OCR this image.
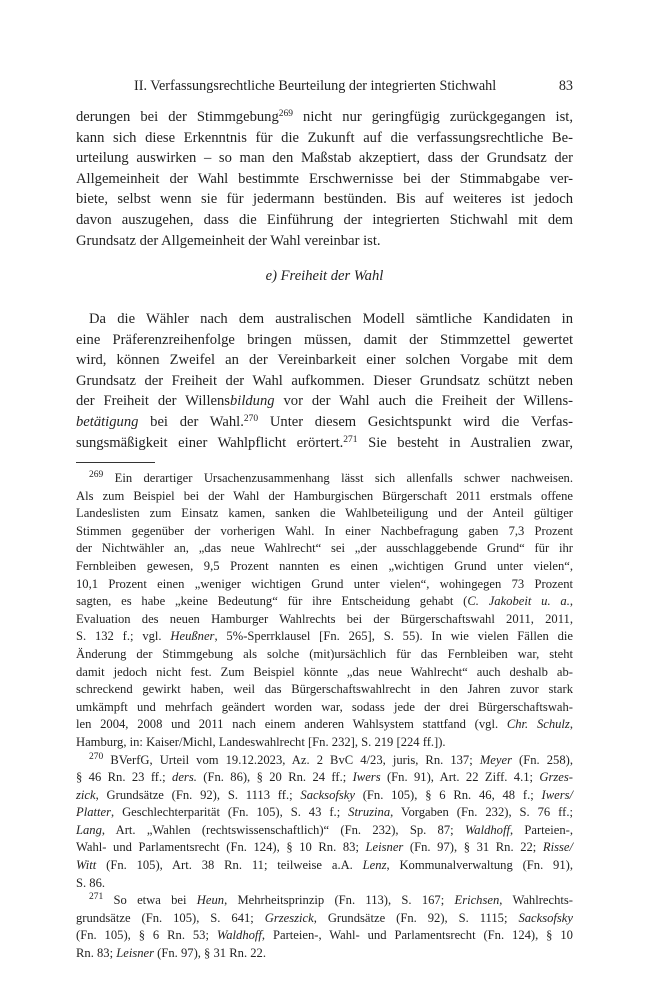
II. Verfassungsrechtliche Beurteilung der integrierten Stichwahl	83
derungen bei der Stimmgebung$^{269}$ nicht nur geringfügig zurückgegangen ist,
kann sich diese Erkenntnis für die Zukunft auf die verfassungsrechtliche Be-
urteilung auswirken – so man den Maßstab akzeptiert, dass der Grundsatz der
Allgemeinheit der Wahl bestimmte Erschwernisse bei der Stimmabgabe ver-
biete, selbst wenn sie für jedermann bestünden. Bis auf weiteres ist jedoch
davon auszugehen, dass die Einführung der integrierten Stichwahl mit dem
Grundsatz der Allgemeinheit der Wahl vereinbar ist.
e) Freiheit der Wahl
Da die Wähler nach dem australischen Modell sämtliche Kandidaten in
eine Präferenzreihenfolge bringen müssen, damit der Stimmzettel gewertet
wird, können Zweifel an der Vereinbarkeit einer solchen Vorgabe mit dem
Grundsatz der Freiheit der Wahl aufkommen. Dieser Grundsatz schützt neben
der Freiheit der Willensbildung vor der Wahl auch die Freiheit der Willens-
betätigung bei der Wahl.$^{270}$ Unter diesem Gesichtspunkt wird die Verfas-
sungsmäßigkeit einer Wahlpflicht erörtert.$^{271}$ Sie besteht in Australien zwar,
$^{269}$ Ein derartiger Ursachenzusammenhang lässt sich allenfalls schwer nachweisen.
Als zum Beispiel bei der Wahl der Hamburgischen Bürgerschaft 2011 erstmals offene
Landeslisten zum Einsatz kamen, sanken die Wahlbeteiligung und der Anteil gültiger
Stimmen gegenüber der vorherigen Wahl. In einer Nachbefragung gaben 7,3 Prozent
der Nichtwähler an, „das neue Wahlrecht“ sei „der ausschlaggebende Grund“ für ihr
Fernbleiben gewesen, 9,5 Prozent nannten es einen „wichtigen Grund unter vielen“,
10,1 Prozent einen „weniger wichtigen Grund unter vielen“, wohingegen 73 Prozent
sagten, es habe „keine Bedeutung“ für ihre Entscheidung gehabt (C. Jakobeit u. a.,
Evaluation des neuen Hamburger Wahlrechts bei der Bürgerschaftswahl 2011, 2011,
S. 132 f.; vgl. Heußner, 5%-Sperrklausel [Fn. 265], S. 55). In wie vielen Fällen die
Änderung der Stimmgebung als solche (mit)ursächlich für das Fernbleiben war, steht
damit jedoch nicht fest. Zum Beispiel könnte „das neue Wahlrecht“ auch deshalb ab-
schreckend gewirkt haben, weil das Bürgerschaftswahlrecht in den Jahren zuvor stark
umkämpft und mehrfach geändert worden war, sodass jede der drei Bürgerschaftswah-
len 2004, 2008 und 2011 nach einem anderen Wahlsystem stattfand (vgl. Chr. Schulz,
Hamburg, in: Kaiser/Michl, Landeswahlrecht [Fn. 232], S. 219 [224 ff.]).
$^{270}$ BVerfG, Urteil vom 19.12.2023, Az. 2 BvC 4/23, juris, Rn. 137; Meyer (Fn. 258),
§ 46 Rn. 23 ff.; ders. (Fn. 86), § 20 Rn. 24 ff.; Iwers (Fn. 91), Art. 22 Ziff. 4.1; Grzes-
zick, Grundsätze (Fn. 92), S. 1113 ff.; Sacksofsky (Fn. 105), § 6 Rn. 46, 48 f.; Iwers/
Platter, Geschlechterparität (Fn. 105), S. 43 f.; Struzina, Vorgaben (Fn. 232), S. 76 ff.;
Lang, Art. „Wahlen (rechtswissenschaftlich)“ (Fn. 232), Sp. 87; Waldhoff, Parteien-,
Wahl- und Parlamentsrecht (Fn. 124), § 10 Rn. 83; Leisner (Fn. 97), § 31 Rn. 22; Risse/
Witt (Fn. 105), Art. 38 Rn. 11; teilweise a.A. Lenz, Kommunalverwaltung (Fn. 91),
S. 86.
$^{271}$ So etwa bei Heun, Mehrheitsprinzip (Fn. 113), S. 167; Erichsen, Wahlrechts-
grundsätze (Fn. 105), S. 641; Grzeszick, Grundsätze (Fn. 92), S. 1115; Sacksofsky
(Fn. 105), § 6 Rn. 53; Waldhoff, Parteien-, Wahl- und Parlamentsrecht (Fn. 124), § 10
Rn. 83; Leisner (Fn. 97), § 31 Rn. 22.
